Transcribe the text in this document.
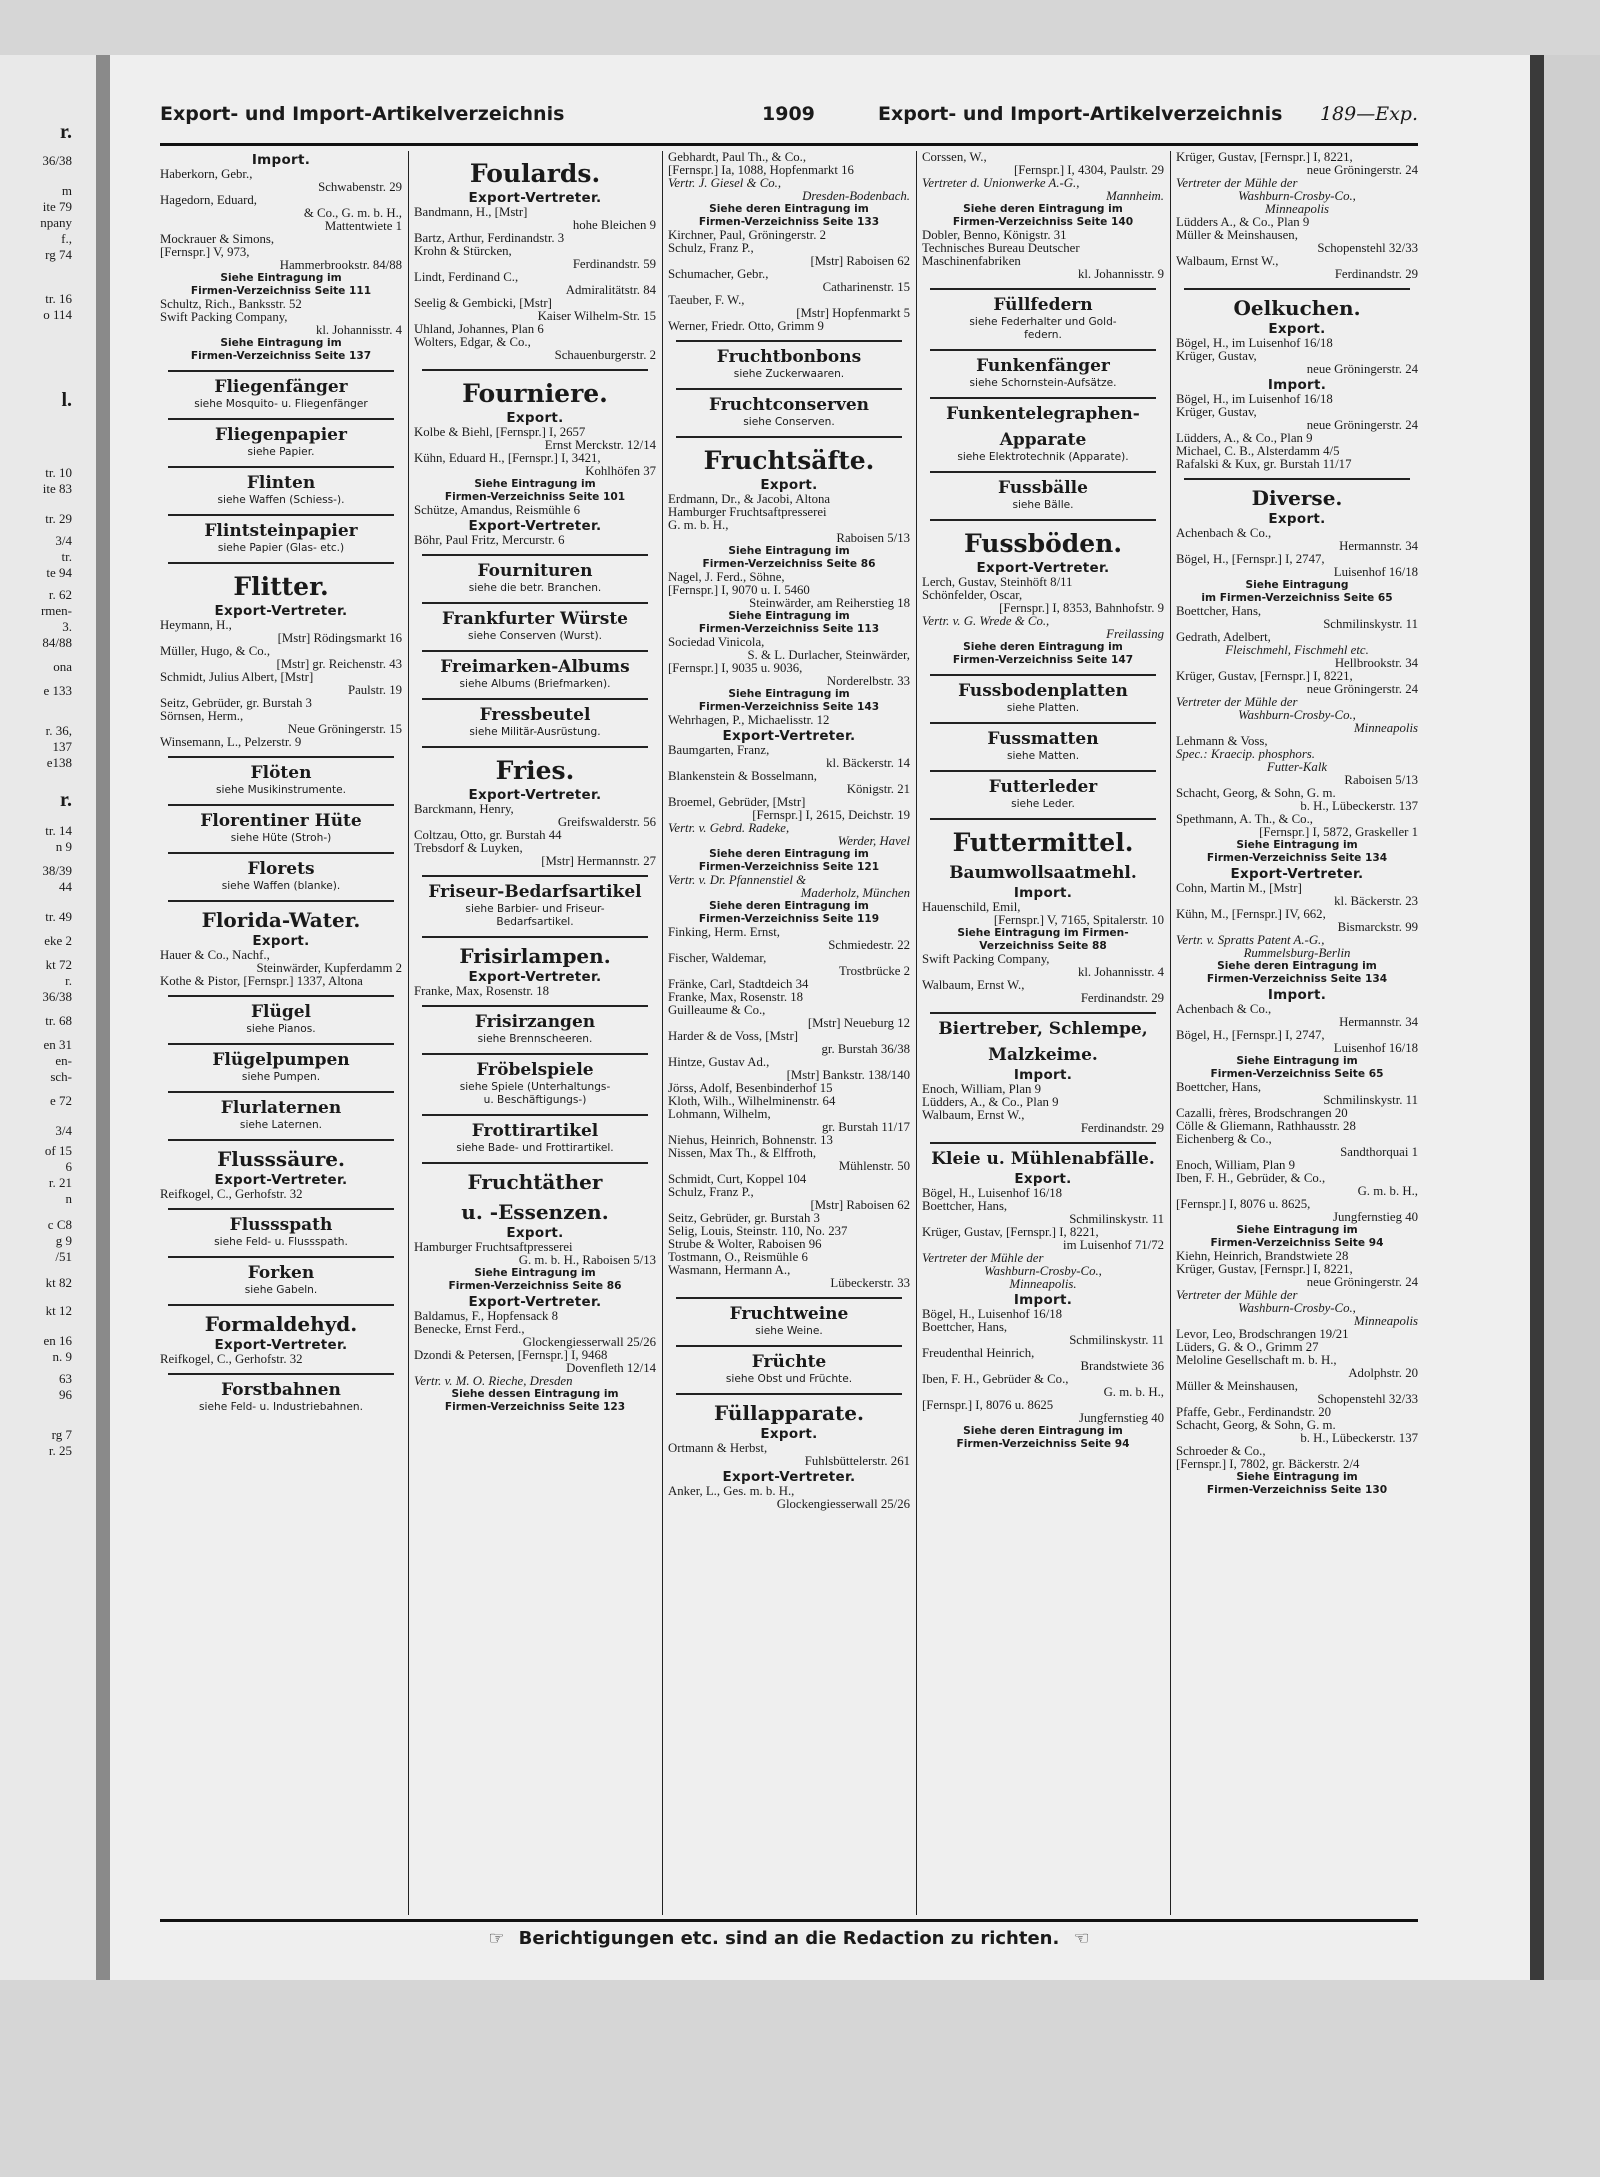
r.
36/38
m
ite 79
npany
f.,
rg 74
tr. 16
o 114
l.
tr. 10
ite 83
tr. 29
3/4
tr.
te 94
r. 62
rmen-
3.
84/88
ona
e 133
r. 36,
137
e138
r.
tr. 14
n 9
38/39
44
tr. 49
eke 2
kt 72
r.
36/38
tr. 68
en 31
en-
sch-
e 72
3/4
of 15
6
r. 21
n
c C8
g 9
/51
kt 82
kt 12
en 16
n. 9
63
96
rg 7
r. 25
Export- und Import-Artikelverzeichnis	1909	Export- und Import-Artikelverzeichnis 189—Exp.
Import.
Haberkorn, Gebr.,
Schwabenstr. 29
Hagedorn, Eduard,
& Co., G. m. b. H.,
Mattentwiete 1
Mockrauer & Simons,
[Fernspr.] V, 973,
Hammerbrookstr. 84/88
Siehe Eintragung im
Firmen-Verzeichniss Seite 111
Schultz, Rich., Banksstr. 52
Swift Packing Company,
kl. Johannisstr. 4
Siehe Eintragung im
Firmen-Verzeichniss Seite 137
Fliegenfänger
siehe Mosquito- u. Fliegenfänger
Fliegenpapier
siehe Papier.
Flinten
siehe Waffen (Schiess-).
Flintsteinpapier
siehe Papier (Glas- etc.)
Flitter.
Export-Vertreter.
Heymann, H.,
[Mstr] Rödingsmarkt 16
Müller, Hugo, & Co.,
[Mstr] gr. Reichenstr. 43
Schmidt, Julius Albert, [Mstr]
Paulstr. 19
Seitz, Gebrüder, gr. Burstah 3
Sörnsen, Herm.,
Neue Gröningerstr. 15
Winsemann, L., Pelzerstr. 9
Flöten
siehe Musikinstrumente.
Florentiner Hüte
siehe Hüte (Stroh-)
Florets
siehe Waffen (blanke).
Florida-Water.
Export.
Hauer & Co., Nachf.,
Steinwärder, Kupferdamm 2
Kothe & Pistor, [Fernspr.] 1337, Altona
Flügel
siehe Pianos.
Flügelpumpen
siehe Pumpen.
Flurlaternen
siehe Laternen.
Flusssäure.
Export-Vertreter.
Reifkogel, C., Gerhofstr. 32
Flussspath
siehe Feld- u. Flussspath.
Forken
siehe Gabeln.
Formaldehyd.
Export-Vertreter.
Reifkogel, C., Gerhofstr. 32
Forstbahnen
siehe Feld- u. Industriebahnen.
Foulards.
Export-Vertreter.
Bandmann, H., [Mstr]
hohe Bleichen 9
Bartz, Arthur, Ferdinandstr. 3
Krohn & Stürcken,
Ferdinandstr. 59
Lindt, Ferdinand C.,
Admiralitätstr. 84
Seelig & Gembicki, [Mstr]
Kaiser Wilhelm-Str. 15
Uhland, Johannes, Plan 6
Wolters, Edgar, & Co.,
Schauenburgerstr. 2
Fourniere.
Export.
Kolbe & Biehl, [Fernspr.] I, 2657
Ernst Merckstr. 12/14
Kühn, Eduard H., [Fernspr.] I, 3421,
Kohlhöfen 37
Siehe Eintragung im
Firmen-Verzeichniss Seite 101
Schütze, Amandus, Reismühle 6
Export-Vertreter.
Böhr, Paul Fritz, Mercurstr. 6
Fournituren
siehe die betr. Branchen.
Frankfurter Würste
siehe Conserven (Wurst).
Freimarken-Albums
siehe Albums (Briefmarken).
Fressbeutel
siehe Militär-Ausrüstung.
Fries.
Export-Vertreter.
Barckmann, Henry,
Greifswalderstr. 56
Coltzau, Otto, gr. Burstah 44
Trebsdorf & Luyken,
[Mstr] Hermannstr. 27
Friseur-Bedarfsartikel
siehe Barbier- und Friseur-
Bedarfsartikel.
Frisirlampen.
Export-Vertreter.
Franke, Max, Rosenstr. 18
Frisirzangen
siehe Brennscheeren.
Fröbelspiele
siehe Spiele (Unterhaltungs-
u. Beschäftigungs-)
Frottirartikel
siehe Bade- und Frottirartikel.
Fruchtäther
u. -Essenzen.
Export.
Hamburger Fruchtsaftpresserei
G. m. b. H., Raboisen 5/13
Siehe Eintragung im
Firmen-Verzeichniss Seite 86
Export-Vertreter.
Baldamus, F., Hopfensack 8
Benecke, Ernst Ferd.,
Glockengiesserwall 25/26
Dzondi & Petersen, [Fernspr.] I, 9468
Dovenfleth 12/14
Vertr. v. M. O. Rieche, Dresden
Siehe dessen Eintragung im
Firmen-Verzeichniss Seite 123
Gebhardt, Paul Th., & Co.,
[Fernspr.] Ia, 1088, Hopfenmarkt 16
Vertr. J. Giesel & Co.,
Dresden-Bodenbach.
Siehe deren Eintragung im
Firmen-Verzeichniss Seite 133
Kirchner, Paul, Gröningerstr. 2
Schulz, Franz P.,
[Mstr] Raboisen 62
Schumacher, Gebr.,
Catharinenstr. 15
Taeuber, F. W.,
[Mstr] Hopfenmarkt 5
Werner, Friedr. Otto, Grimm 9
Fruchtbonbons
siehe Zuckerwaaren.
Fruchtconserven
siehe Conserven.
Fruchtsäfte.
Export.
Erdmann, Dr., & Jacobi, Altona
Hamburger Fruchtsaftpresserei
G. m. b. H.,
Raboisen 5/13
Siehe Eintragung im
Firmen-Verzeichniss Seite 86
Nagel, J. Ferd., Söhne,
[Fernspr.] I, 9070 u. I. 5460
Steinwärder, am Reiherstieg 18
Siehe Eintragung im
Firmen-Verzeichniss Seite 113
Sociedad Vinicola,
S. & L. Durlacher, Steinwärder,
[Fernspr.] I, 9035 u. 9036,
Norderelbstr. 33
Siehe Eintragung im
Firmen-Verzeichniss Seite 143
Wehrhagen, P., Michaelisstr. 12
Export-Vertreter.
Baumgarten, Franz,
kl. Bäckerstr. 14
Blankenstein & Bosselmann,
Königstr. 21
Broemel, Gebrüder, [Mstr]
[Fernspr.] I, 2615, Deichstr. 19
Vertr. v. Gebrd. Radeke,
Werder, Havel
Siehe deren Eintragung im
Firmen-Verzeichniss Seite 121
Vertr. v. Dr. Pfannenstiel &
Maderholz, München
Siehe deren Eintragung im
Firmen-Verzeichniss Seite 119
Finking, Herm. Ernst,
Schmiedestr. 22
Fischer, Waldemar,
Trostbrücke 2
Fränke, Carl, Stadtdeich 34
Franke, Max, Rosenstr. 18
Guilleaume & Co.,
[Mstr] Neueburg 12
Harder & de Voss, [Mstr]
gr. Burstah 36/38
Hintze, Gustav Ad.,
[Mstr] Bankstr. 138/140
Jörss, Adolf, Besenbinderhof 15
Kloth, Wilh., Wilhelminenstr. 64
Lohmann, Wilhelm,
gr. Burstah 11/17
Niehus, Heinrich, Bohnenstr. 13
Nissen, Max Th., & Elffroth,
Mühlenstr. 50
Schmidt, Curt, Koppel 104
Schulz, Franz P.,
[Mstr] Raboisen 62
Seitz, Gebrüder, gr. Burstah 3
Selig, Louis, Steinstr. 110, No. 237
Strube & Wolter, Raboisen 96
Tostmann, O., Reismühle 6
Wasmann, Hermann A.,
Lübeckerstr. 33
Fruchtweine
siehe Weine.
Früchte
siehe Obst und Früchte.
Füllapparate.
Export.
Ortmann & Herbst,
Fuhlsbüttelerstr. 261
Export-Vertreter.
Anker, L., Ges. m. b. H.,
Glockengiesserwall 25/26
Corssen, W.,
[Fernspr.] I, 4304, Paulstr. 29
Vertreter d. Unionwerke A.-G.,
Mannheim.
Siehe deren Eintragung im
Firmen-Verzeichniss Seite 140
Dobler, Benno, Königstr. 31
Technisches Bureau Deutscher
Maschinenfabriken
kl. Johannisstr. 9
Füllfedern
siehe Federhalter und Gold-
federn.
Funkenfänger
siehe Schornstein-Aufsätze.
Funkentelegraphen-
Apparate
siehe Elektrotechnik (Apparate).
Fussbälle
siehe Bälle.
Fussböden.
Export-Vertreter.
Lerch, Gustav, Steinhöft 8/11
Schönfelder, Oscar,
[Fernspr.] I, 8353, Bahnhofstr. 9
Vertr. v. G. Wrede & Co.,
Freilassing
Siehe deren Eintragung im
Firmen-Verzeichniss Seite 147
Fussbodenplatten
siehe Platten.
Fussmatten
siehe Matten.
Futterleder
siehe Leder.
Futtermittel.
Baumwollsaatmehl.
Import.
Hauenschild, Emil,
[Fernspr.] V, 7165, Spitalerstr. 10
Siehe Eintragung im Firmen-
Verzeichniss Seite 88
Swift Packing Company,
kl. Johannisstr. 4
Walbaum, Ernst W.,
Ferdinandstr. 29
Biertreber, Schlempe,
Malzkeime.
Import.
Enoch, William, Plan 9
Lüdders, A., & Co., Plan 9
Walbaum, Ernst W.,
Ferdinandstr. 29
Kleie u. Mühlenabfälle.
Export.
Bögel, H., Luisenhof 16/18
Boettcher, Hans,
Schmilinskystr. 11
Krüger, Gustav, [Fernspr.] I, 8221,
im Luisenhof 71/72
Vertreter der Mühle der
Washburn-Crosby-Co.,
Minneapolis.
Import.
Bögel, H., Luisenhof 16/18
Boettcher, Hans,
Schmilinskystr. 11
Freudenthal Heinrich,
Brandstwiete 36
Iben, F. H., Gebrüder & Co.,
G. m. b. H.,
[Fernspr.] I, 8076 u. 8625
Jungfernstieg 40
Siehe deren Eintragung im
Firmen-Verzeichniss Seite 94
Krüger, Gustav, [Fernspr.] I, 8221,
neue Gröningerstr. 24
Vertreter der Mühle der
Washburn-Crosby-Co.,
Minneapolis
Lüdders A., & Co., Plan 9
Müller & Meinshausen,
Schopenstehl 32/33
Walbaum, Ernst W.,
Ferdinandstr. 29
Oelkuchen.
Export.
Bögel, H., im Luisenhof 16/18
Krüger, Gustav,
neue Gröningerstr. 24
Import.
Bögel, H., im Luisenhof 16/18
Krüger, Gustav,
neue Gröningerstr. 24
Lüdders, A., & Co., Plan 9
Michael, C. B., Alsterdamm 4/5
Rafalski & Kux, gr. Burstah 11/17
Diverse.
Export.
Achenbach & Co.,
Hermannstr. 34
Bögel, H., [Fernspr.] I, 2747,
Luisenhof 16/18
Siehe Eintragung
im Firmen-Verzeichniss Seite 65
Boettcher, Hans,
Schmilinskystr. 11
Gedrath, Adelbert,
Fleischmehl, Fischmehl etc.
Hellbrookstr. 34
Krüger, Gustav, [Fernspr.] I, 8221,
neue Gröningerstr. 24
Vertreter der Mühle der
Washburn-Crosby-Co.,
Minneapolis
Lehmann & Voss,
Spec.: Kraecip. phosphors.
Futter-Kalk
Raboisen 5/13
Schacht, Georg, & Sohn, G. m.
b. H., Lübeckerstr. 137
Spethmann, A. Th., & Co.,
[Fernspr.] I, 5872, Graskeller 1
Siehe Eintragung im
Firmen-Verzeichniss Seite 134
Export-Vertreter.
Cohn, Martin M., [Mstr]
kl. Bäckerstr. 23
Kühn, M., [Fernspr.] IV, 662,
Bismarckstr. 99
Vertr. v. Spratts Patent A.-G.,
Rummelsburg-Berlin
Siehe deren Eintragung im
Firmen-Verzeichniss Seite 134
Import.
Achenbach & Co.,
Hermannstr. 34
Bögel, H., [Fernspr.] I, 2747,
Luisenhof 16/18
Siehe Eintragung im
Firmen-Verzeichniss Seite 65
Boettcher, Hans,
Schmilinskystr. 11
Cazalli, frères, Brodschrangen 20
Cölle & Gliemann, Rathhausstr. 28
Eichenberg & Co.,
Sandthorquai 1
Enoch, William, Plan 9
Iben, F. H., Gebrüder, & Co.,
G. m. b. H.,
[Fernspr.] I, 8076 u. 8625,
Jungfernstieg 40
Siehe Eintragung im
Firmen-Verzeichniss Seite 94
Kiehn, Heinrich, Brandstwiete 28
Krüger, Gustav, [Fernspr.] I, 8221,
neue Gröningerstr. 24
Vertreter der Mühle der
Washburn-Crosby-Co.,
Minneapolis
Levor, Leo, Brodschrangen 19/21
Lüders, G. & O., Grimm 27
Meloline Gesellschaft m. b. H.,
Adolphstr. 20
Müller & Meinshausen,
Schopenstehl 32/33
Pfaffe, Gebr., Ferdinandstr. 20
Schacht, Georg, & Sohn, G. m.
b. H., Lübeckerstr. 137
Schroeder & Co.,
[Fernspr.] I, 7802, gr. Bäckerstr. 2/4
Siehe Eintragung im
Firmen-Verzeichniss Seite 130
☞ Berichtigungen etc. sind an die Redaction zu richten. ☜
